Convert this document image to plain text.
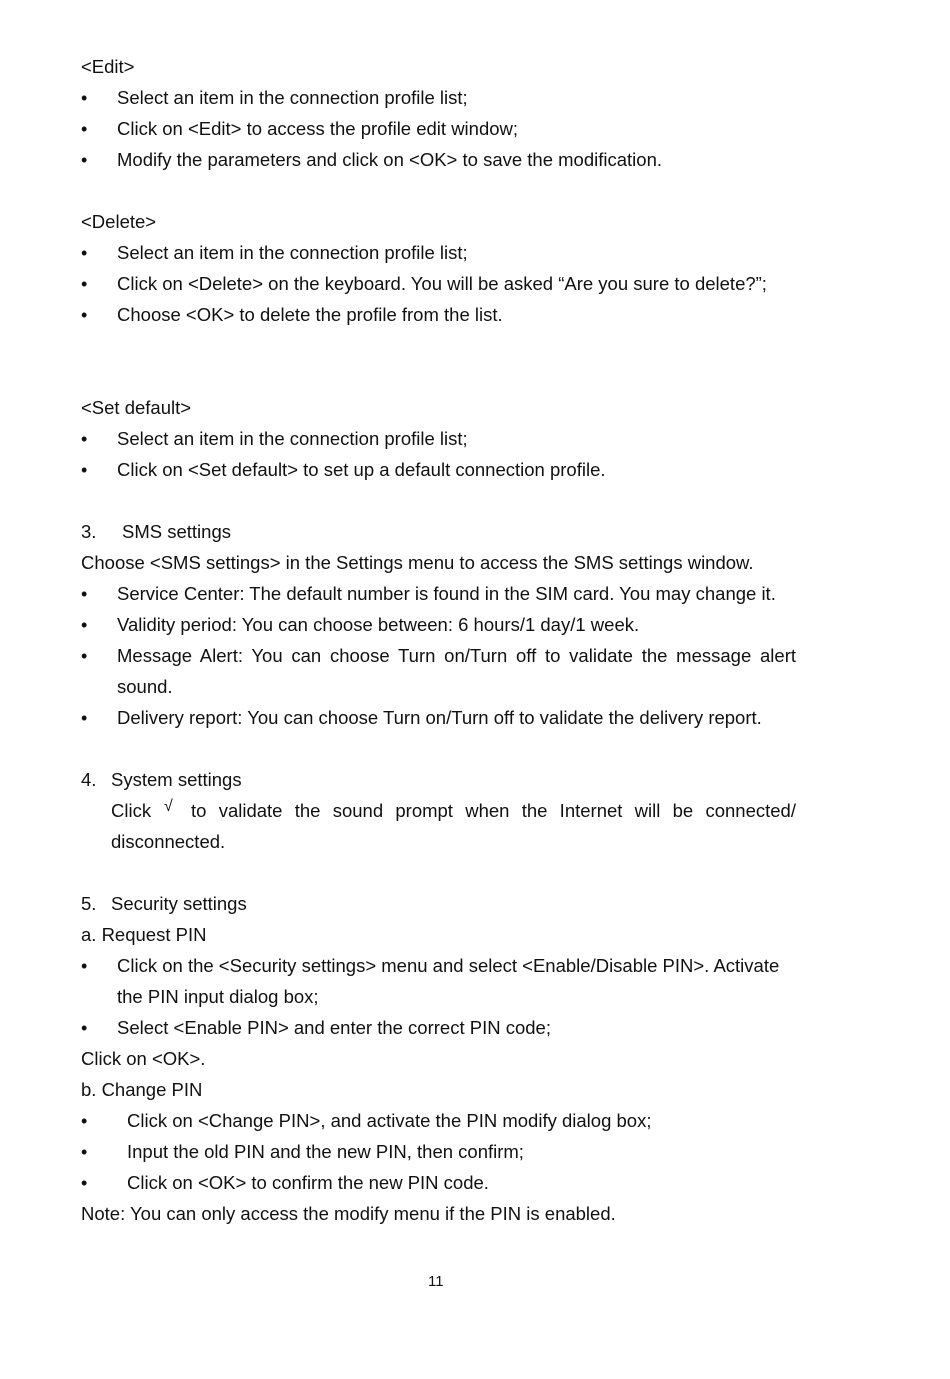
<Edit>

• Select an item in the connection profile list;
• Click on <Edit> to access the profile edit window;
• Modify the parameters and click on <OK> to save the modification.

<Delete>

• Select an item in the connection profile list;
• Click on <Delete> on the keyboard. You will be asked “Are you sure to delete?”;
• Choose <OK> to delete the profile from the list.

<Set default>

• Select an item in the connection profile list;
• Click on <Set default> to set up a default connection profile.
3. SMS settings

Choose <SMS settings> in the Settings menu to access the SMS settings window.

• Service Center: The default number is found in the SIM card. You may change it.
• Validity period: You can choose between: 6 hours/1 day/1 week.
• Message Alert: You can choose Turn on/Turn off to validate the message alert
sound.
• Delivery report: You can choose Turn on/Turn off to validate the delivery report.
4. System settings
Click √ to validate the sound prompt when the Internet will be connected/
disconnected.
5. Security settings

a. Request PIN

• Click on the <Security settings> menu and select <Enable/Disable PIN>. Activate
the PIN input dialog box;
• Select <Enable PIN> and enter the correct PIN code;

Click on <OK>.

b. Change PIN

• Click on <Change PIN>, and activate the PIN modify dialog box;
• Input the old PIN and the new PIN, then confirm;
• Click on <OK> to confirm the new PIN code.

Note: You can only access the modify menu if the PIN is enabled.

11
